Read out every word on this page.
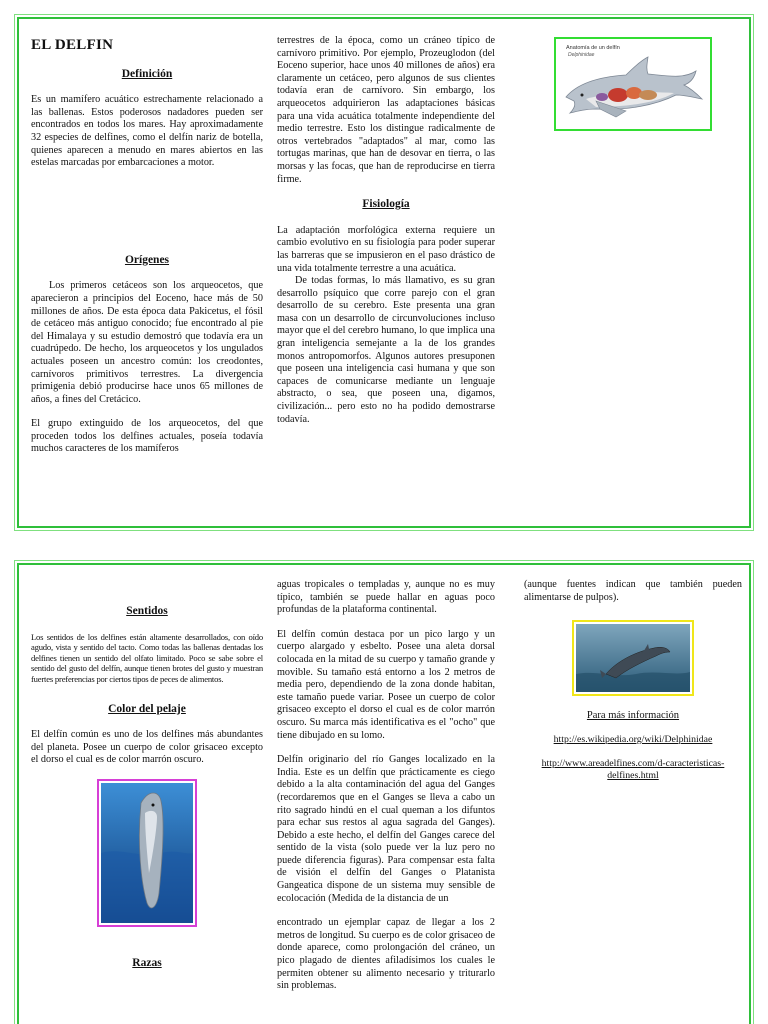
EL DELFIN
Definición

Es un mamífero acuático estrechamente relacionado a las ballenas. Estos poderosos nadadores pueden ser encontrados en todos los mares. Hay aproximadamente 32 especies de delfines, como el delfín nariz de botella, quienes aparecen a menudo en mares abiertos en las estelas marcadas por embarcaciones a motor.

Orígenes

Los primeros cetáceos son los arqueocetos, que aparecieron a principios del Eoceno, hace más de 50 millones de años. De esta época data Pakicetus, el fósil de cetáceo más antiguo conocido; fue encontrado al pie del Himalaya y su estudio demostró que todavía era un cuadrúpedo. De hecho, los arqueocetos y los ungulados actuales poseen un ancestro común: los creodontes, carnívoros primitivos terrestres. La divergencia primigenia debió producirse hace unos 65 millones de años, a fines del Cretácico.

El grupo extinguido de los arqueocetos, del que proceden todos los delfines actuales, poseía todavía muchos caracteres de los mamíferos

terrestres de la época, como un cráneo típico de carnívoro primitivo. Por ejemplo, Prozeuglodon (del Eoceno superior, hace unos 40 millones de años) era claramente un cetáceo, pero algunos de sus clientes todavía eran de carnívoro. Sin embargo, los arqueocetos adquirieron las adaptaciones básicas para una vida acuática totalmente independiente del medio terrestre. Esto los distingue radicalmente de otros vertebrados "adaptados" al mar, como las tortugas marinas, que han de desovar en tierra, o las morsas y las focas, que han de reproducirse en tierra firme.

Fisiología

La adaptación morfológica externa requiere un cambio evolutivo en su fisiología para poder superar las barreras que se impusieron en el paso drástico de una vida totalmente terrestre a una acuática.

De todas formas, lo más llamativo, es su gran desarrollo psíquico que corre parejo con el gran desarrollo de su cerebro. Este presenta una gran masa con un desarrollo de circunvoluciones incluso mayor que el del cerebro humano, lo que implica una gran inteligencia semejante a la de los grandes monos antropomorfos. Algunos autores presuponen que poseen una inteligencia casi humana y que son capaces de comunicarse mediante un lenguaje abstracto, o sea, que poseen una, digamos, civilización... pero esto no ha podido demostrarse todavía.

Anatomía de un delfín
Delphinidae
Sentidos

Los sentidos de los delfines están altamente desarrollados, con oído agudo, vista y sentido del tacto. Como todas las ballenas dentadas los delfines tienen un sentido del olfato limitado. Poco se sabe sobre el sentido del gusto del delfín, aunque tienen brotes del gusto y muestran fuertes preferencias por ciertos tipos de peces de alimentos.

Color del pelaje

El delfín común es uno de los delfines más abundantes del planeta. Posee un cuerpo de color grisaceo excepto el dorso el cual es de color marrón oscuro.

Razas

aguas tropicales o templadas y, aunque no es muy típico, también se puede hallar en aguas poco profundas de la plataforma continental.

El delfín común destaca por un pico largo y un cuerpo alargado y esbelto. Posee una aleta dorsal colocada en la mitad de su cuerpo y tamaño grande y movible. Su tamaño está entorno a los 2 metros de media pero, dependiendo de la zona donde habitan, este tamaño puede variar. Posee un cuerpo de color grisaceo excepto el dorso el cual es de color marrón oscuro. Su marca más identificativa es el "ocho" que tiene dibujado en su lomo.

Delfín originario del río Ganges localizado en la India. Este es un delfín que prácticamente es ciego debido a la alta contaminación del agua del Ganges (recordaremos que en el Ganges se lleva a cabo un rito sagrado hindú en el cual queman a los difuntos para echar sus restos al agua sagrada del Ganges). Debido a este hecho, el delfín del Ganges carece del sentido de la vista (solo puede ver la luz pero no puede diferencia figuras). Para compensar esta falta de visión el delfín del Ganges o Platanista Gangeatica dispone de un sistema muy sensible de ecolocación (Medida de la distancia de un

encontrado un ejemplar capaz de llegar a los 2 metros de longitud. Su cuerpo es de color grisaceo de donde aparece, como prolongación del cráneo, un pico plagado de dientes afiladísimos los cuales le permiten obtener su alimento necesario y triturarlo sin problemas.

(aunque fuentes indican que también pueden alimentarse de pulpos).

Para más información
http://es.wikipedia.org/wiki/Delphinidae
http://www.areadelfines.com/d-caracteristicas-delfines.html
